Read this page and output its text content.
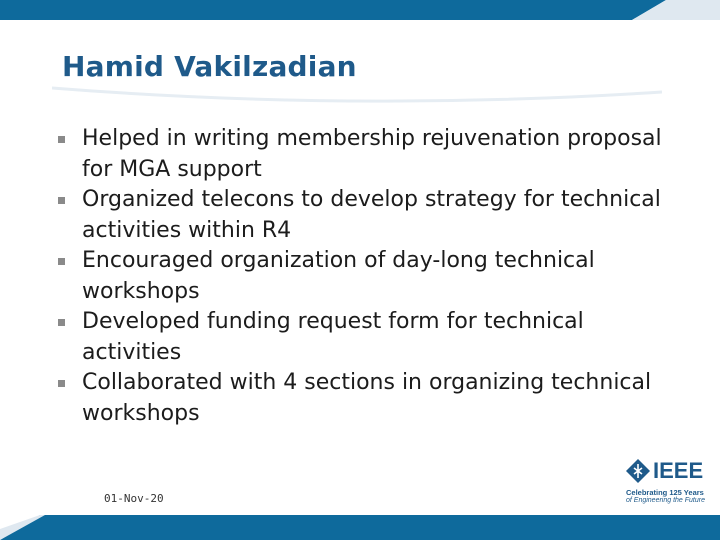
Hamid Vakilzadian
Helped in writing membership rejuvenation proposal for MGA support
Organized telecons to develop strategy for technical activities within R4
Encouraged organization of day-long technical workshops
Developed funding request form for technical activities
Collaborated with 4 sections in organizing technical workshops
01-Nov-20
IEEE
Celebrating 125 Years
of Engineering the Future
